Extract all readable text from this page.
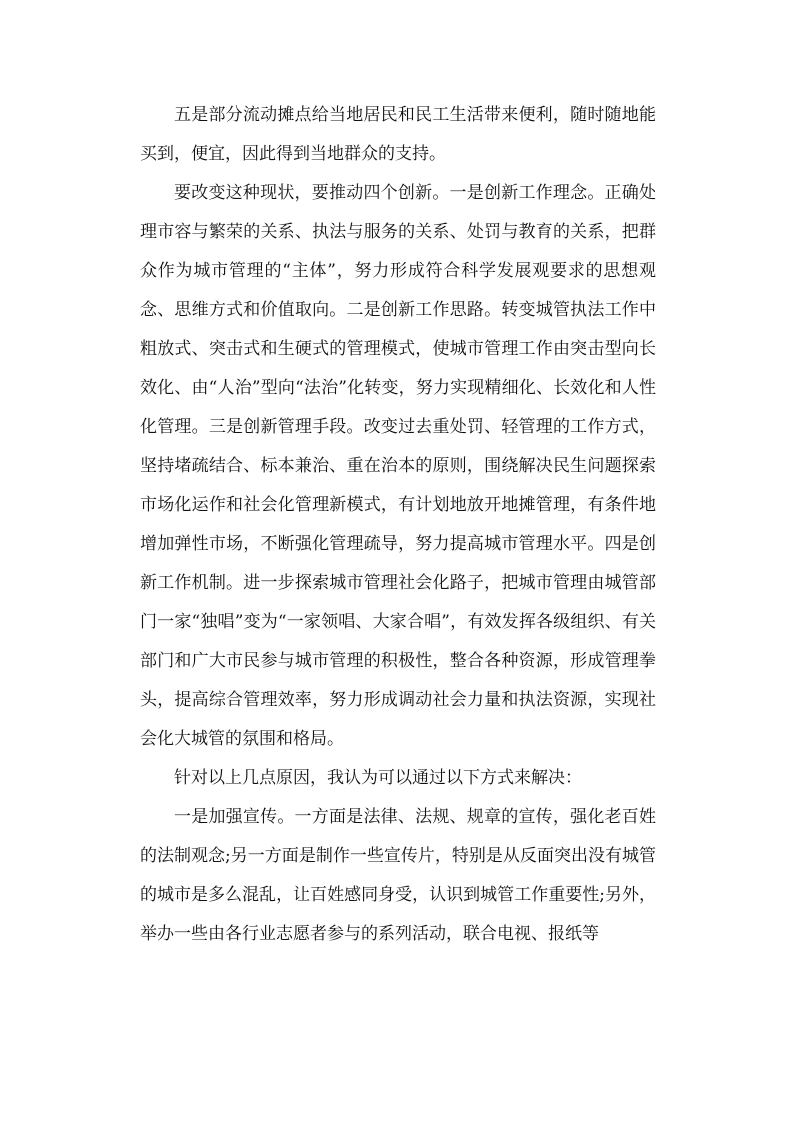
五是部分流动摊点给当地居民和民工生活带来便利，随时随地能买到，便宜，因此得到当地群众的支持。

要改变这种现状，要推动四个创新。一是创新工作理念。正确处理市容与繁荣的关系、执法与服务的关系、处罚与教育的关系，把群众作为城市管理的“主体”，努力形成符合科学发展观要求的思想观念、思维方式和价值取向。二是创新工作思路。转变城管执法工作中粗放式、突击式和生硬式的管理模式，使城市管理工作由突击型向长效化、由“人治”型向“法治”化转变，努力实现精细化、长效化和人性化管理。三是创新管理手段。改变过去重处罚、轻管理的工作方式，坚持堵疏结合、标本兼治、重在治本的原则，围绕解决民生问题探索市场化运作和社会化管理新模式，有计划地放开地摊管理，有条件地增加弹性市场，不断强化管理疏导，努力提高城市管理水平。四是创新工作机制。进一步探索城市管理社会化路子，把城市管理由城管部门一家“独唱”变为“一家领唱、大家合唱”，有效发挥各级组织、有关部门和广大市民参与城市管理的积极性，整合各种资源，形成管理拳头，提高综合管理效率，努力形成调动社会力量和执法资源，实现社会化大城管的氛围和格局。

针对以上几点原因，我认为可以通过以下方式来解决：

一是加强宣传。一方面是法律、法规、规章的宣传，强化老百姓的法制观念;另一方面是制作一些宣传片，特别是从反面突出没有城管的城市是多么混乱，让百姓感同身受，认识到城管工作重要性;另外，举办一些由各行业志愿者参与的系列活动，联合电视、报纸等
